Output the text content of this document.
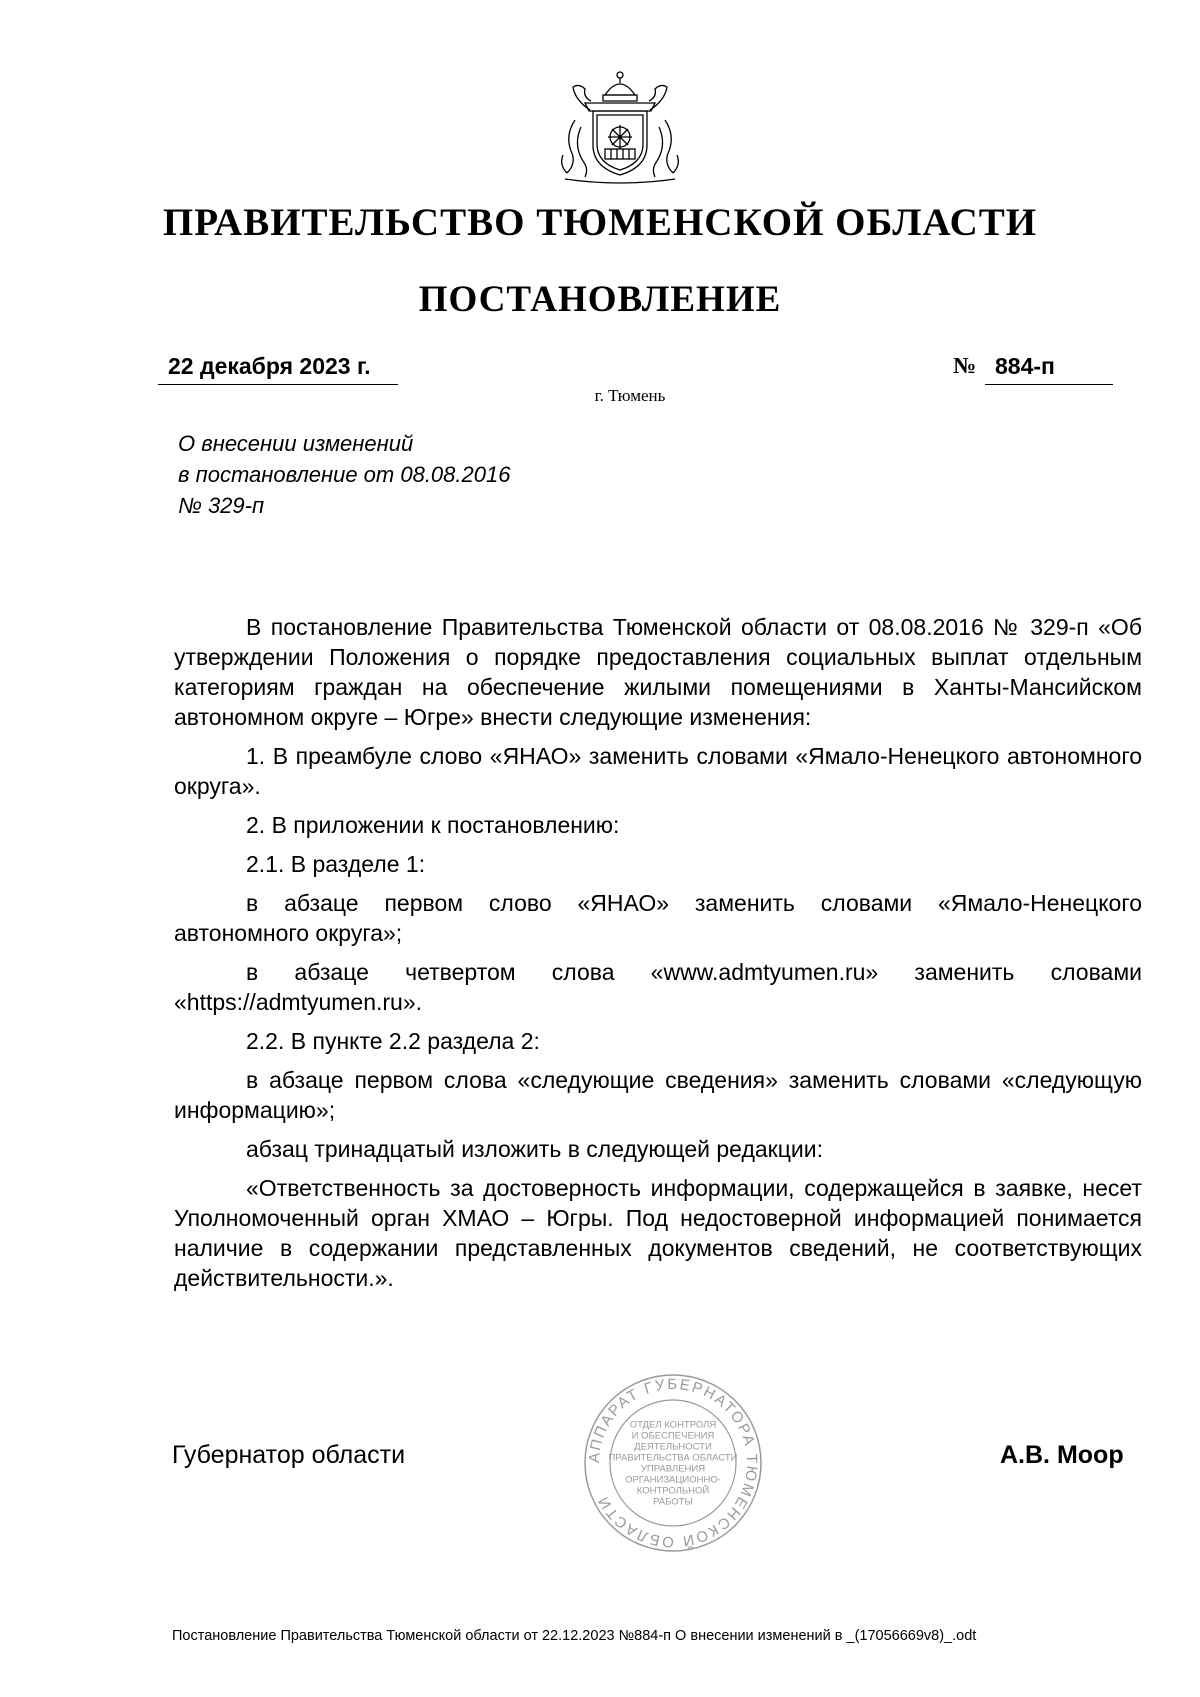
ПРАВИТЕЛЬСТВО ТЮМЕНСКОЙ ОБЛАСТИ
ПОСТАНОВЛЕНИЕ
22 декабря 2023 г.	№ 884-п
г. Тюмень
О внесении изменений
в постановление от 08.08.2016
№ 329-п

В постановление Правительства Тюменской области от 08.08.2016 № 329-п «Об утверждении Положения о порядке предоставления социальных выплат отдельным категориям граждан на обеспечение жилыми помещениями в Ханты-Мансийском автономном округе – Югре» внести следующие изменения:

1. В преамбуле слово «ЯНАО» заменить словами «Ямало-Ненецкого автономного округа».

2. В приложении к постановлению:

2.1. В разделе 1:

в абзаце первом слово «ЯНАО» заменить словами «Ямало-Ненецкого автономного округа»;

в абзаце четвертом слова «www.admtyumen.ru» заменить словами «https://admtyumen.ru».

2.2. В пункте 2.2 раздела 2:

в абзаце первом слова «следующие сведения» заменить словами «следующую информацию»;

абзац тринадцатый изложить в следующей редакции:

«Ответственность за достоверность информации, содержащейся в заявке, несет Уполномоченный орган ХМАО – Югры. Под недостоверной информацией понимается наличие в содержании представленных документов сведений, не соответствующих действительности.».

Губернатор области	АППАРАТ ГУБЕРНАТОРА ТЮМЕНСКОЙ ОБЛАСТИ
ОТДЕЛ КОНТРОЛЯ
И ОБЕСПЕЧЕНИЯ
ДЕЯТЕЛЬНОСТИ
ПРАВИТЕЛЬСТВА ОБЛАСТИ
УПРАВЛЕНИЯ
ОРГАНИЗАЦИОННО-
КОНТРОЛЬНОЙ
РАБОТЫ
А.В. Моор
Постановление Правительства Тюменской области от 22.12.2023 №884-п О внесении изменений в _(17056669v8)_.odt
